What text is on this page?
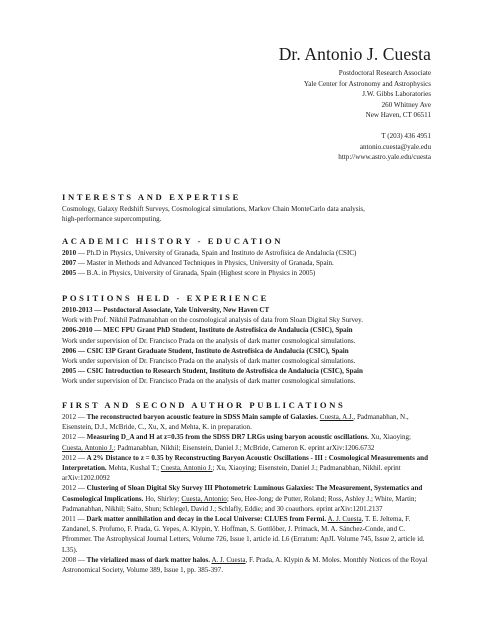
Dr. Antonio J. Cuesta
Postdoctoral Research Associate
Yale Center for Astronomy and Astrophysics
J.W. Gibbs Laboratories
260 Whitney Ave
New Haven, CT 06511
T (203) 436 4951
antonio.cuesta@yale.edu
http://www.astro.yale.edu/cuesta
INTERESTS AND EXPERTISE
Cosmology, Galaxy Redshift Surveys, Cosmological simulations, Markov Chain MonteCarlo data analysis,
high-performance supercomputing.
ACADEMIC HISTORY - EDUCATION
2010 — Ph.D in Physics, University of Granada, Spain and Instituto de Astrofísica de Andalucía (CSIC)
2007 — Master in Methods and Advanced Techniques in Physics, University of Granada, Spain.
2005 — B.A. in Physics, University of Granada, Spain (Highest score in Physics in 2005)
POSITIONS HELD - EXPERIENCE
2010-2013 — Postdoctoral Associate, Yale University, New Haven CT
Work with Prof. Nikhil Padmanabhan on the cosmological analysis of data from Sloan Digital Sky Survey.
2006-2010 — MEC FPU Grant PhD Student, Instituto de Astrofísica de Andalucía (CSIC), Spain
Work under supervision of Dr. Francisco Prada on the analysis of dark matter cosmological simulations.
2006 — CSIC I3P Grant Graduate Student, Instituto de Astrofísica de Andalucía (CSIC), Spain
Work under supervision of Dr. Francisco Prada on the analysis of dark matter cosmological simulations.
2005 — CSIC Introduction to Research Student, Instituto de Astrofísica de Andalucía (CSIC), Spain
Work under supervision of Dr. Francisco Prada on the analysis of dark matter cosmological simulations.
FIRST AND SECOND AUTHOR PUBLICATIONS
2012 — The reconstructed baryon acoustic feature in SDSS Main sample of Galaxies. Cuesta, A.J., Padmanabhan, N., Eisenstein, D.J., McBride, C., Xu, X, and Mehta, K. in preparation.
2012 — Measuring D_A and H at z=0.35 from the SDSS DR7 LRGs using baryon acoustic oscillations. Xu, Xiaoying; Cuesta, Antonio J.; Padmanabhan, Nikhil; Eisenstein, Daniel J.; McBride, Cameron K. eprint arXiv:1206.6732
2012 — A 2% Distance to z = 0.35 by Reconstructing Baryon Acoustic Oscillations - III : Cosmological Measurements and Interpretation. Mehta, Kushal T.; Cuesta, Antonio J.; Xu, Xiaoying; Eisenstein, Daniel J.; Padmanabhan, Nikhil. eprint arXiv:1202.0092
2012 — Clustering of Sloan Digital Sky Survey III Photometric Luminous Galaxies: The Measurement, Systematics and Cosmological Implications. Ho, Shirley; Cuesta, Antonio; Seo, Hee-Jong; de Putter, Roland; Ross, Ashley J.; White, Martin; Padmanabhan, Nikhil; Saito, Shun; Schlegel, David J.; Schlafly, Eddie; and 30 coauthors. eprint arXiv:1201.2137
2011 — Dark matter annihilation and decay in the Local Universe: CLUES from Fermi. A. J. Cuesta, T. E. Jeltema, F. Zandanel, S. Profumo, F. Prada, G. Yepes, A. Klypin, Y. Hoffman, S. Gottlöber, J. Primack, M. A. Sánchez-Conde, and C. Pfrommer. The Astrophysical Journal Letters, Volume 726, Issue 1, article id. L6 (Erratum: ApJL Volume 745, Issue 2, article id. L35).
2008 — The virialized mass of dark matter halos. A. J. Cuesta, F. Prada, A. Klypin & M. Moles. Monthly Notices of the Royal Astronomical Society, Volume 389, Issue 1, pp. 385-397.
